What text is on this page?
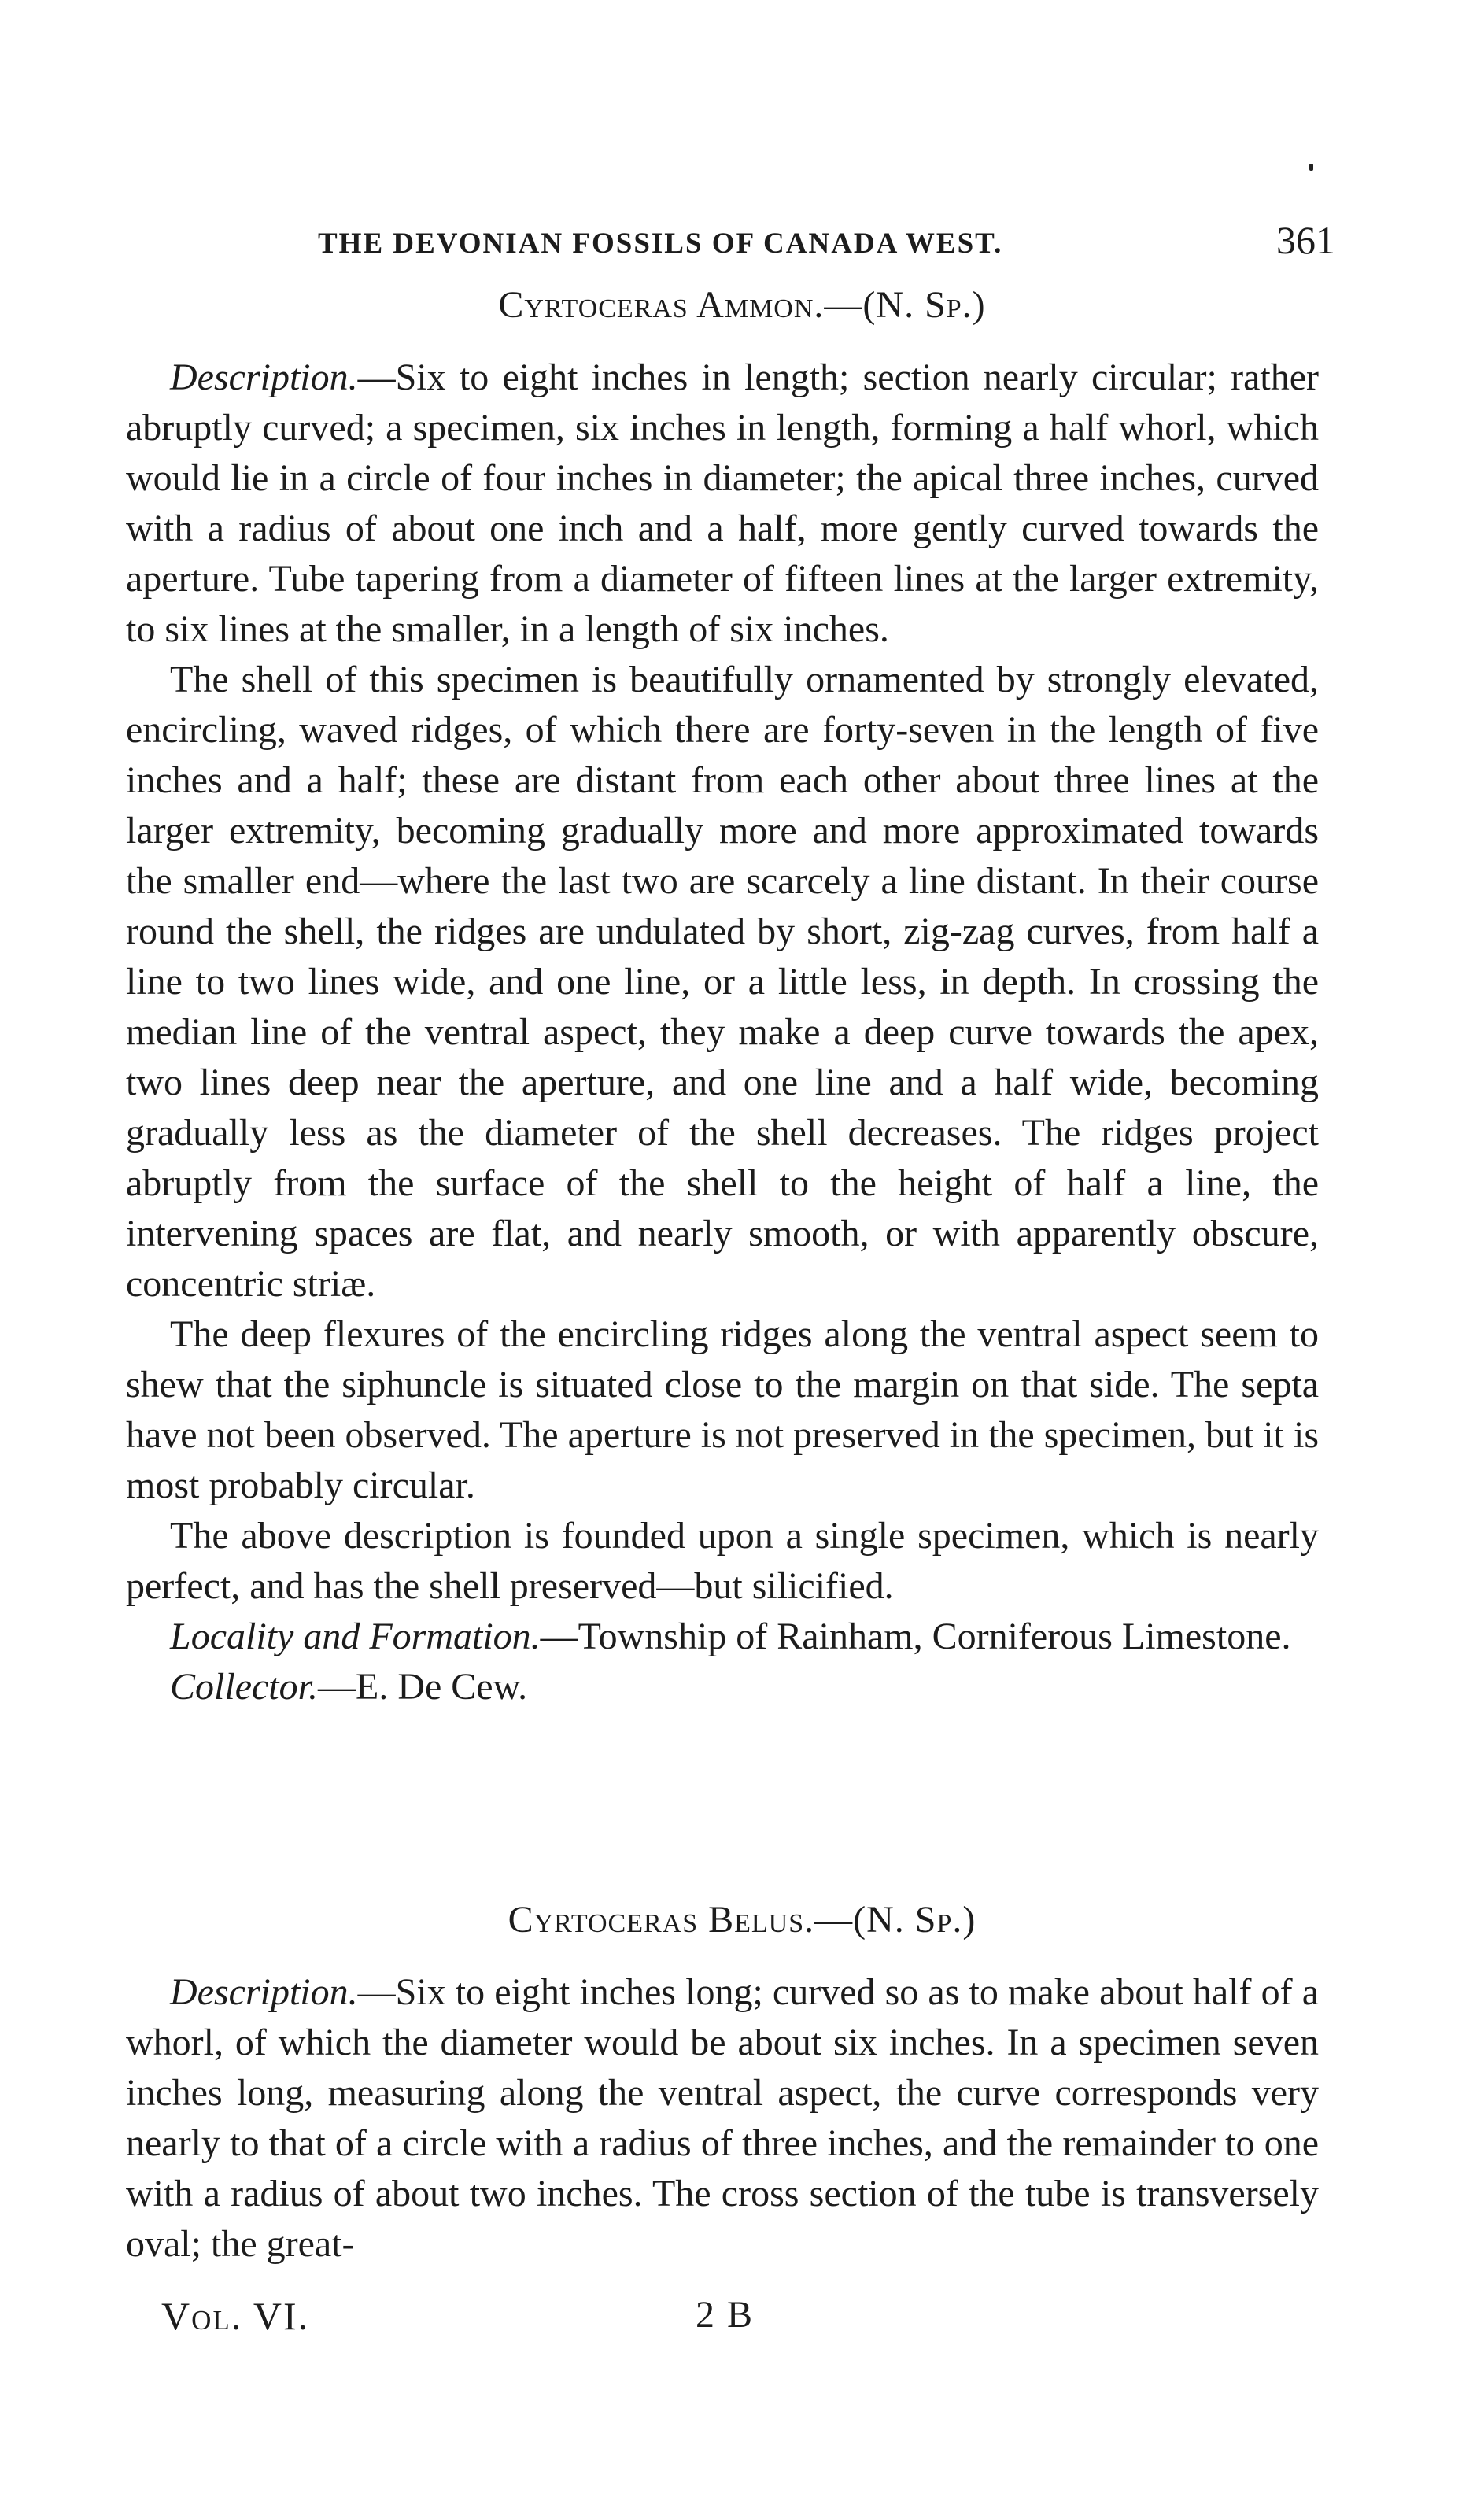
THE DEVONIAN FOSSILS OF CANADA WEST.	361
Cyrtoceras Ammon.—(N. Sp.)

Description.—Six to eight inches in length; section nearly circular; rather abruptly curved; a specimen, six inches in length, forming a half whorl, which would lie in a circle of four inches in diameter; the apical three inches, curved with a radius of about one inch and a half, more gently curved towards the aperture. Tube tapering from a diameter of fifteen lines at the larger extremity, to six lines at the smaller, in a length of six inches.

The shell of this specimen is beautifully ornamented by strongly elevated, encircling, waved ridges, of which there are forty-seven in the length of five inches and a half; these are distant from each other about three lines at the larger extremity, becoming gradually more and more approximated towards the smaller end—where the last two are scarcely a line distant. In their course round the shell, the ridges are undulated by short, zig-zag curves, from half a line to two lines wide, and one line, or a little less, in depth. In crossing the median line of the ventral aspect, they make a deep curve towards the apex, two lines deep near the aperture, and one line and a half wide, becoming gradually less as the diameter of the shell decreases. The ridges project abruptly from the surface of the shell to the height of half a line, the intervening spaces are flat, and nearly smooth, or with apparently obscure, concentric striæ.

The deep flexures of the encircling ridges along the ventral aspect seem to shew that the siphuncle is situated close to the margin on that side. The septa have not been observed. The aperture is not preserved in the specimen, but it is most probably circular.

The above description is founded upon a single specimen, which is nearly perfect, and has the shell preserved—but silicified.

Locality and Formation.—Township of Rainham, Corniferous Limestone.

Collector.—E. De Cew.

Cyrtoceras Belus.—(N. Sp.)

Description.—Six to eight inches long; curved so as to make about half of a whorl, of which the diameter would be about six inches. In a specimen seven inches long, measuring along the ventral aspect, the curve corresponds very nearly to that of a circle with a radius of three inches, and the remainder to one with a radius of about two inches. The cross section of the tube is transversely oval; the great-

Vol. VI.	2 B
